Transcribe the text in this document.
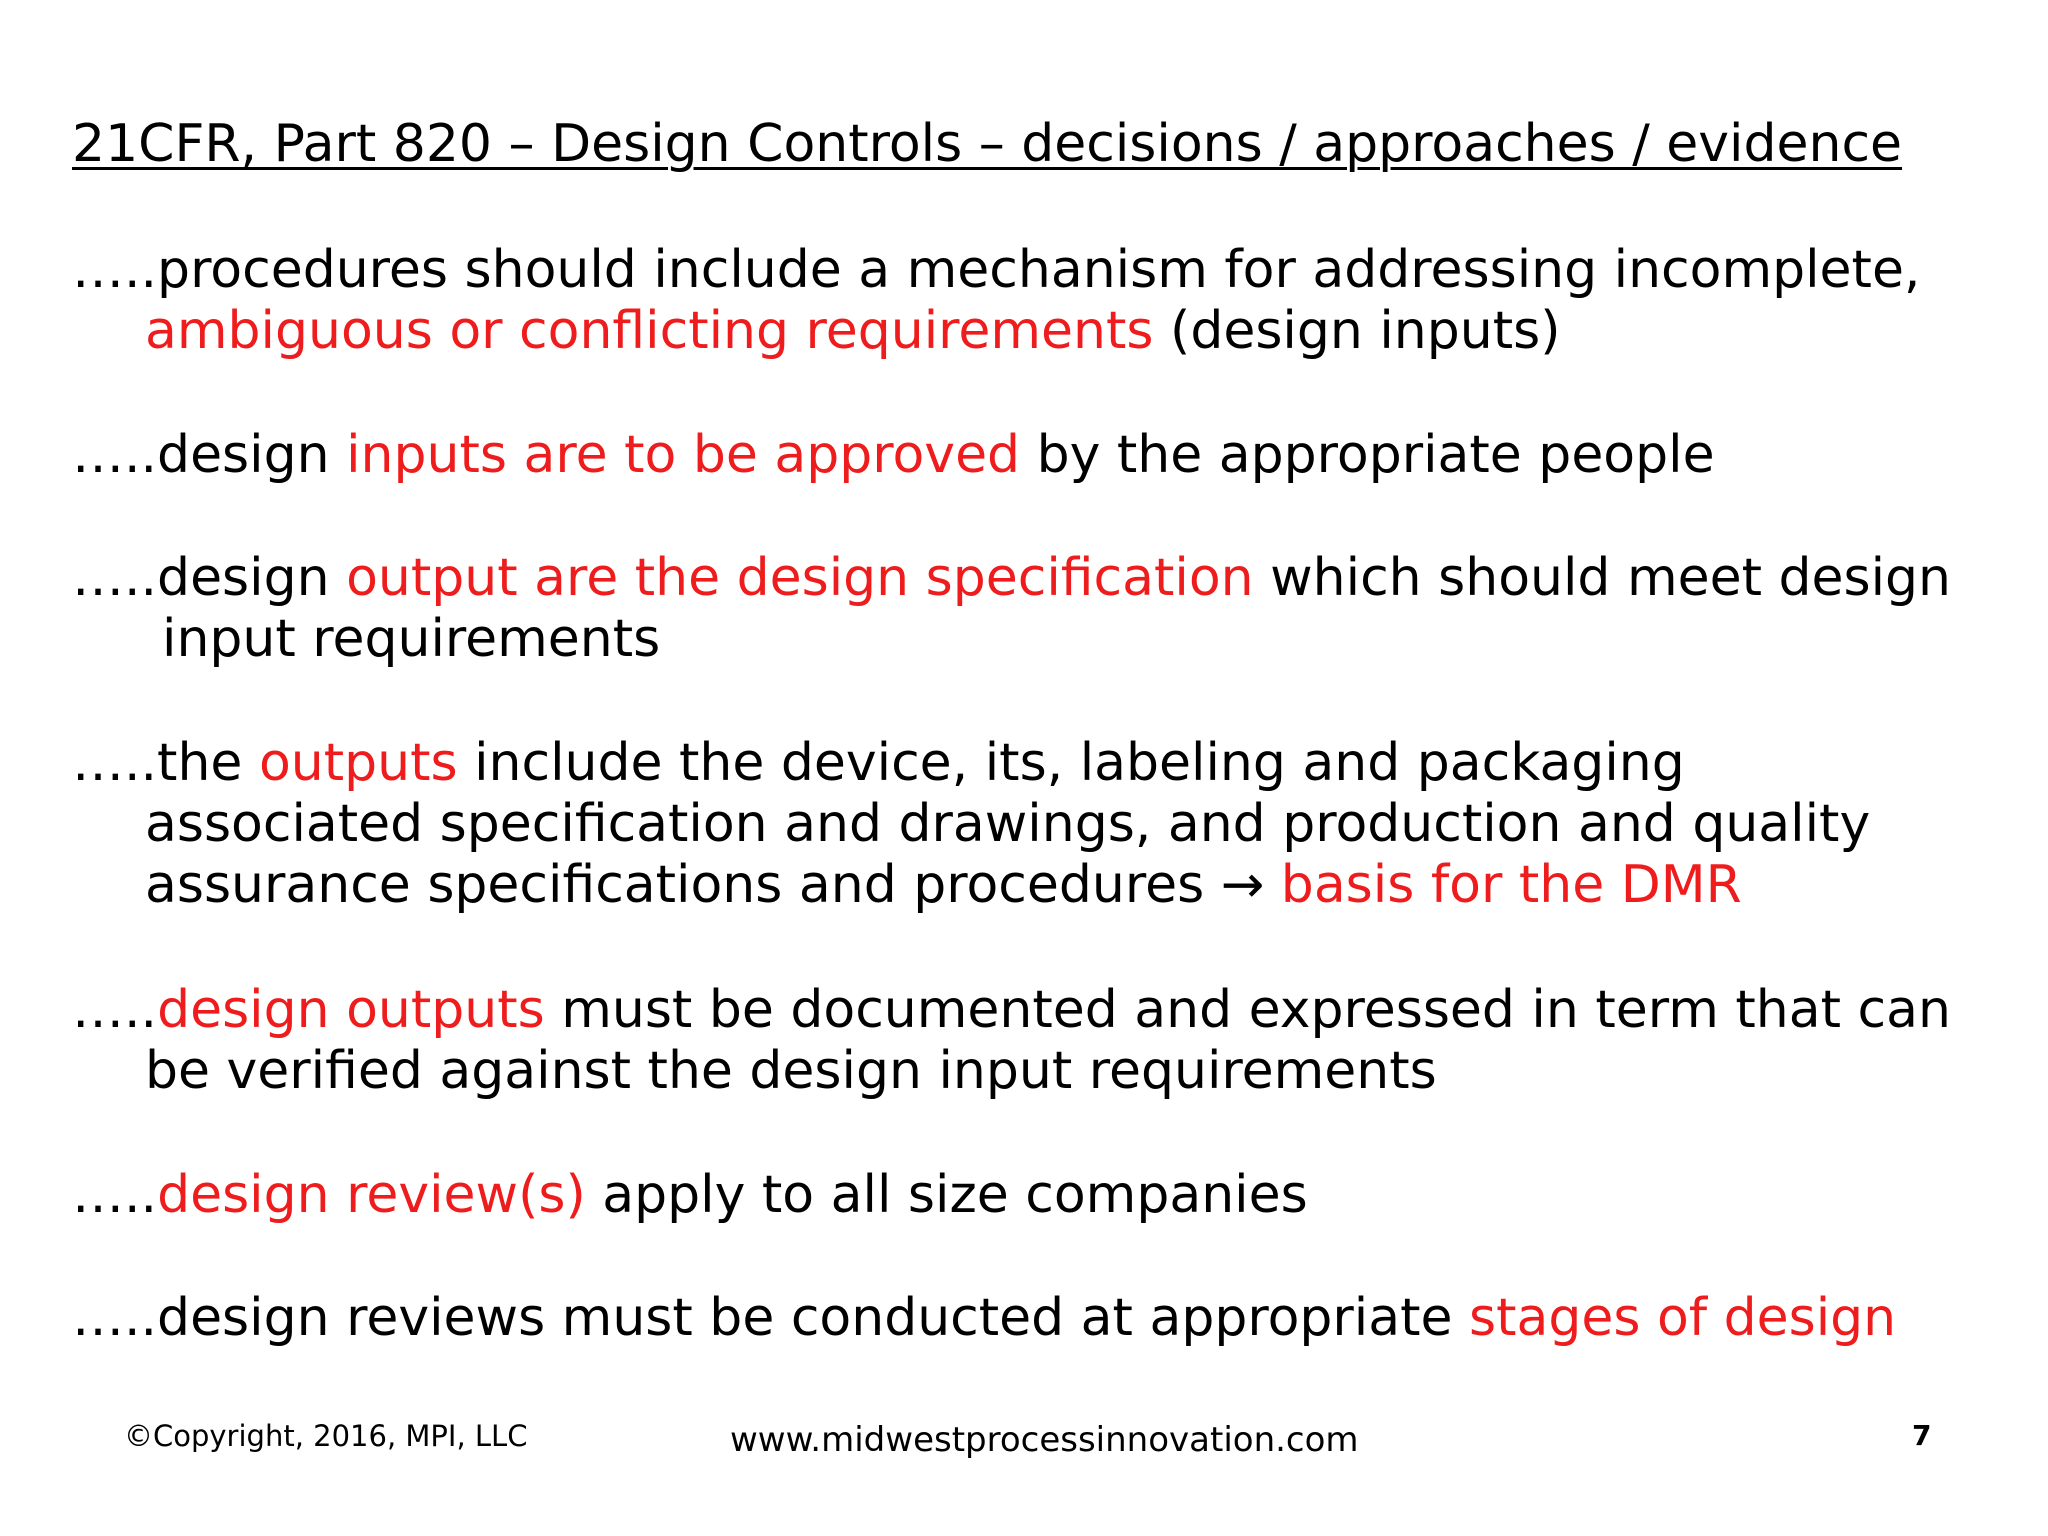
21CFR, Part 820 – Design Controls – decisions / approaches / evidence
…..procedures should include a mechanism for addressing incomplete,
ambiguous or conflicting requirements (design inputs)
…..design inputs are to be approved by the appropriate people
…..design output are the design specification which should meet design
input requirements
…..the outputs include the device, its, labeling and packaging
associated specification and drawings, and production and quality
assurance specifications and procedures → basis for the DMR
…..design outputs must be documented and expressed in term that can
be verified against the design input requirements
…..design review(s) apply to all size companies
…..design reviews must be conducted at appropriate stages of design
©Copyright, 2016, MPI, LLC	www.midwestprocessinnovation.com	7
